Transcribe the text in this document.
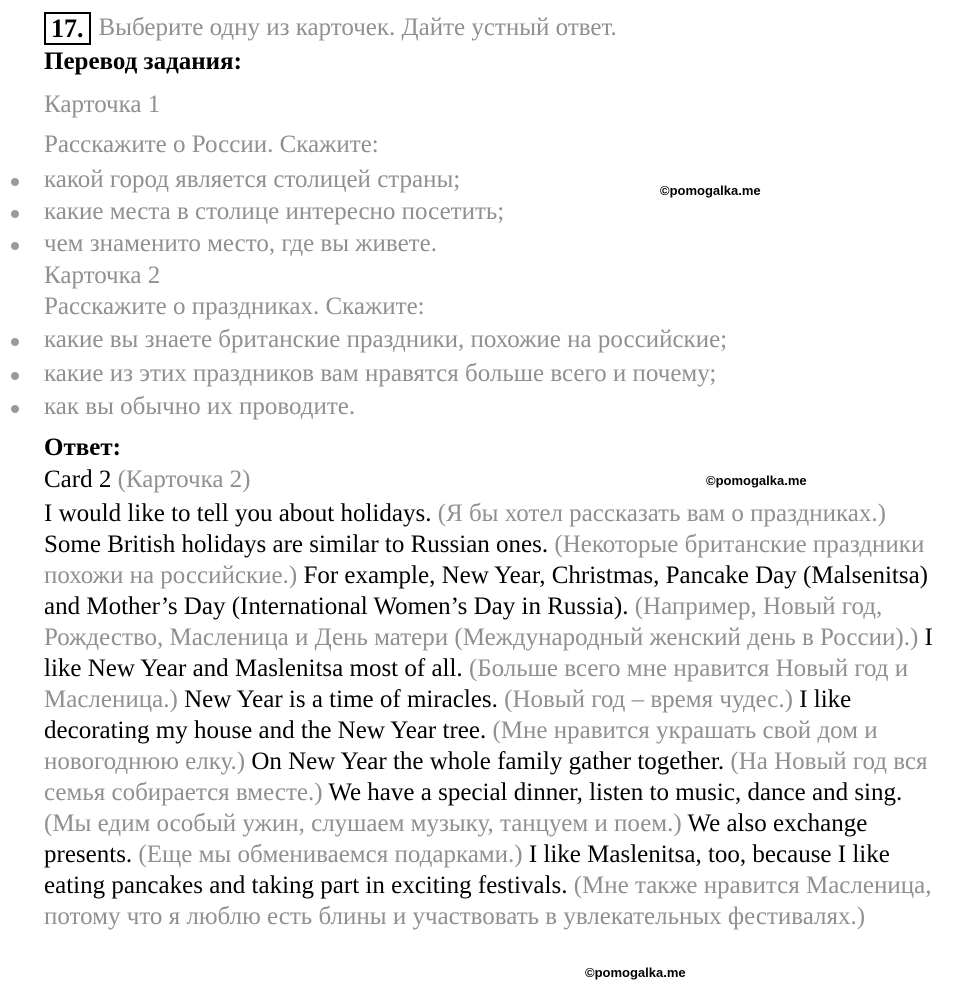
17. Выберите одну из карточек. Дайте устный ответ.
Перевод задания:
Карточка 1
Расскажите о России. Скажите:
какой город является столицей страны;
какие места в столице интересно посетить;
чем знаменито место, где вы живете.
Карточка 2
Расскажите о праздниках. Скажите:
какие вы знаете британские праздники, похожие на российские;
какие из этих праздников вам нравятся больше всего и почему;
как вы обычно их проводите.
Ответ:
Card 2 (Карточка 2)
I would like to tell you about holidays. (Я бы хотел рассказать вам о праздниках.) Some British holidays are similar to Russian ones. (Некоторые британские праздники похожи на российские.) For example, New Year, Christmas, Pancake Day (Malsenitsa) and Mother’s Day (International Women’s Day in Russia). (Например, Новый год, Рождество, Масленица и День матери (Международный женский день в России).) I like New Year and Maslenitsa most of all. (Больше всего мне нравится Новый год и Масленица.) New Year is a time of miracles. (Новый год – время чудес.) I like decorating my house and the New Year tree. (Мне нравится украшать свой дом и новогоднюю елку.) On New Year the whole family gather together. (На Новый год вся семья собирается вместе.) We have a special dinner, listen to music, dance and sing. (Мы едим особый ужин, слушаем музыку, танцуем и поем.) We also exchange presents. (Еще мы обмениваемся подарками.) I like Maslenitsa, too, because I like eating pancakes and taking part in exciting festivals. (Мне также нравится Масленица, потому что я люблю есть блины и участвовать в увлекательных фестивалях.)
©pomogalka.me
©pomogalka.me
©pomogalka.me
